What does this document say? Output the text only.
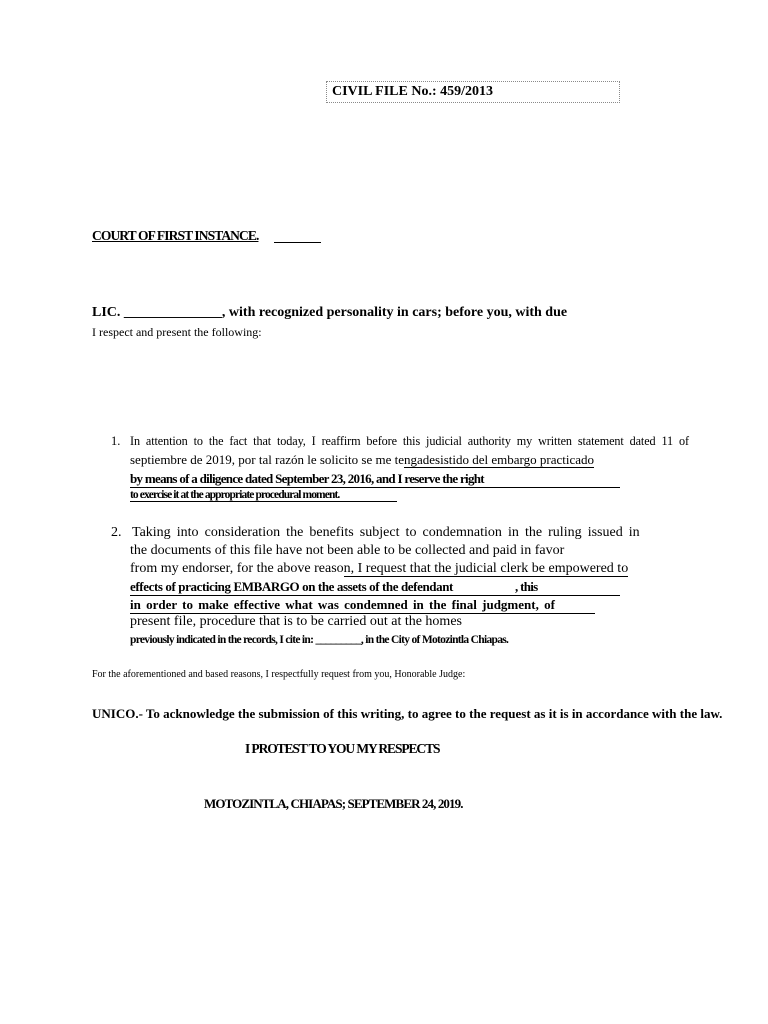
CIVIL FILE No.: 459/2013
COURT OF FIRST INSTANCE.
LIC. ______________, with recognized personality in cars; before you, with due
I respect and present the following:
1. In attention to the fact that today, I reaffirm before this judicial authority my written statement dated 11 of
septiembre de 2019, por tal razón le solicito se me tengadesistido del embargo practicado
by means of a diligence dated September 23, 2016, and I reserve the right
to exercise it at the appropriate procedural moment.
2. Taking into consideration the benefits subject to condemnation in the ruling issued in
the documents of this file have not been able to be collected and paid in favor
from my endorser, for the above reason, I request that the judicial clerk be empowered to
effects of practicing EMBARGO on the assets of the defendant	, this
in order to make effective what was condemned in the final judgment, of
present file, procedure that is to be carried out at the homes
previously indicated in the records, I cite in: _________, in the City of Motozintla Chiapas.
For the aforementioned and based reasons, I respectfully request from you, Honorable Judge:
UNICO.- To acknowledge the submission of this writing, to agree to the request as it is in accordance with the law.
I PROTEST TO YOU MY RESPECTS
MOTOZINTLA, CHIAPAS; SEPTEMBER 24, 2019.
